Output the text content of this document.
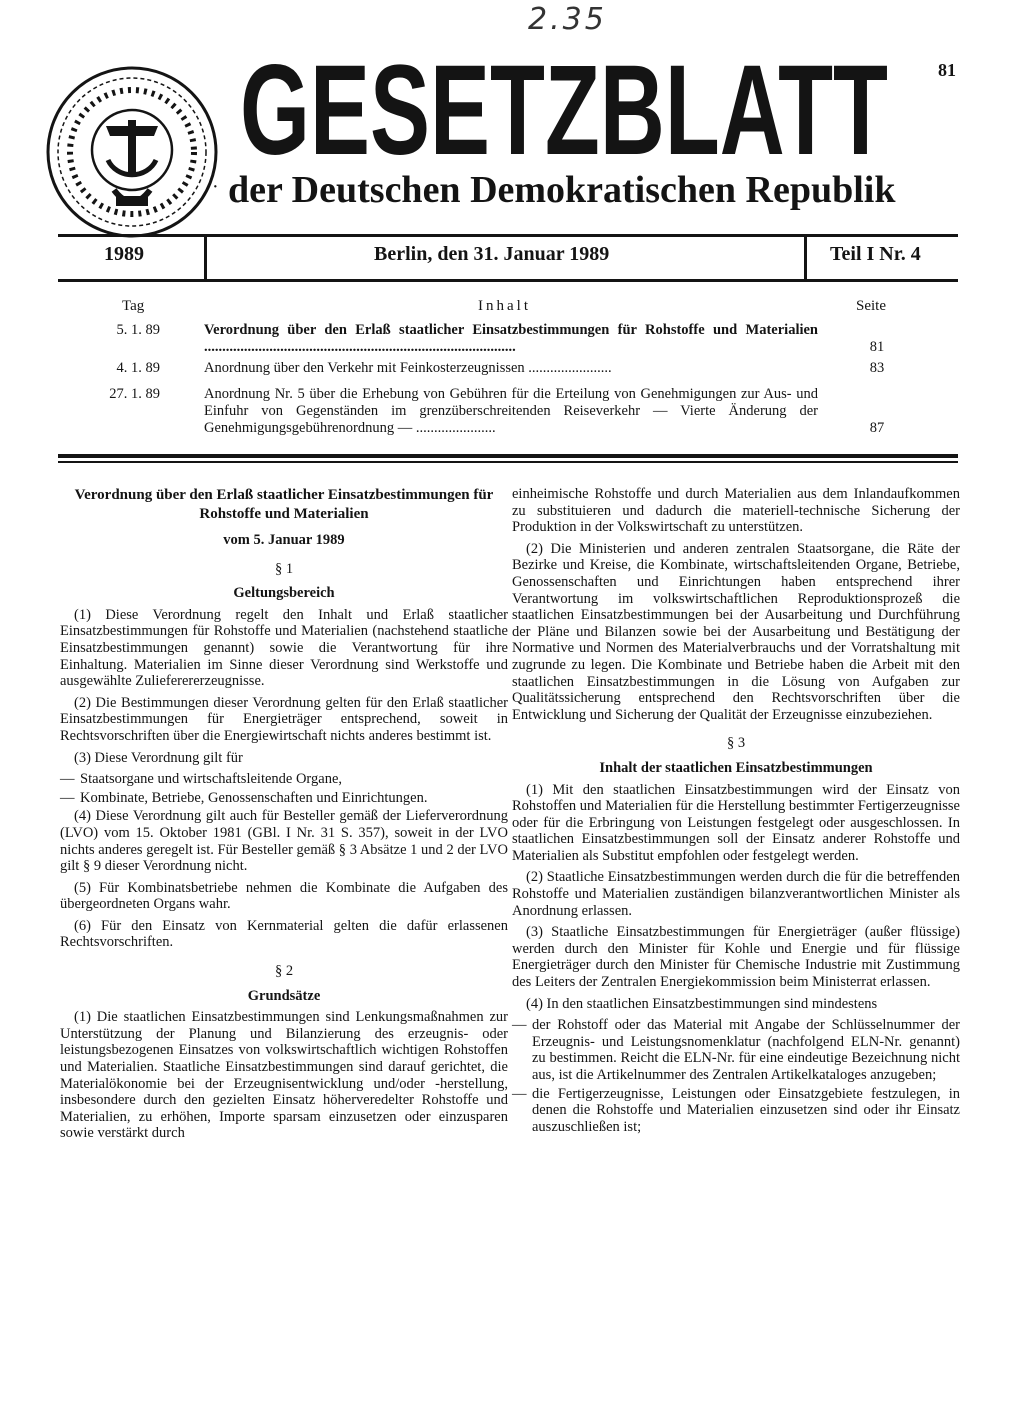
2.35
GESETZBLATT
· der Deutschen Demokratischen Republik
81
1989	Berlin, den 31. Januar 1989	Teil I Nr. 4
Tag	Inhalt	Seite
5. 1. 89	Verordnung über den Erlaß staatlicher Einsatzbestimmungen für Rohstoffe und Materialien ......................................................................................	81
4. 1. 89	Anordnung über den Verkehr mit Feinkosterzeugnissen .......................	83
27. 1. 89	Anordnung Nr. 5 über die Erhebung von Gebühren für die Erteilung von Genehmigungen zur Aus- und Einfuhr von Gegenständen im grenzüberschreitenden Reiseverkehr — Vierte Änderung der Genehmigungsgebührenordnung — ......................	87

Verordnung über den Erlaß staatlicher Einsatzbestimmungen für Rohstoffe und Materialien

vom 5. Januar 1989

§ 1

Geltungsbereich

(1) Diese Verordnung regelt den Inhalt und Erlaß staatlicher Einsatzbestimmungen für Rohstoffe und Materialien (nachstehend staatliche Einsatzbestimmungen genannt) sowie die Verantwortung für ihre Einhaltung. Materialien im Sinne dieser Verordnung sind Werkstoffe und ausgewählte Zulieferererzeugnisse.

(2) Die Bestimmungen dieser Verordnung gelten für den Erlaß staatlicher Einsatzbestimmungen für Energieträger entsprechend, soweit in Rechtsvorschriften über die Energiewirtschaft nichts anderes bestimmt ist.

(3) Diese Verordnung gilt für

— Staatsorgane und wirtschaftsleitende Organe,

— Kombinate, Betriebe, Genossenschaften und Einrichtungen.

(4) Diese Verordnung gilt auch für Besteller gemäß der Lieferverordnung (LVO) vom 15. Oktober 1981 (GBl. I Nr. 31 S. 357), soweit in der LVO nichts anderes geregelt ist. Für Besteller gemäß § 3 Absätze 1 und 2 der LVO gilt § 9 dieser Verordnung nicht.

(5) Für Kombinatsbetriebe nehmen die Kombinate die Aufgaben des übergeordneten Organs wahr.

(6) Für den Einsatz von Kernmaterial gelten die dafür erlassenen Rechtsvorschriften.

§ 2

Grundsätze

(1) Die staatlichen Einsatzbestimmungen sind Lenkungsmaßnahmen zur Unterstützung der Planung und Bilanzierung des erzeugnis- oder leistungsbezogenen Einsatzes von volkswirtschaftlich wichtigen Rohstoffen und Materialien. Staatliche Einsatzbestimmungen sind darauf gerichtet, die Materialökonomie bei der Erzeugnisentwicklung und/oder -herstellung, insbesondere durch den gezielten Einsatz höherveredelter Rohstoffe und Materialien, zu erhöhen, Importe sparsam einzusetzen oder einzusparen sowie verstärkt durch

einheimische Rohstoffe und durch Materialien aus dem Inlandaufkommen zu substituieren und dadurch die materiell-technische Sicherung der Produktion in der Volkswirtschaft zu unterstützen.

(2) Die Ministerien und anderen zentralen Staatsorgane, die Räte der Bezirke und Kreise, die Kombinate, wirtschaftsleitenden Organe, Betriebe, Genossenschaften und Einrichtungen haben entsprechend ihrer Verantwortung im volkswirtschaftlichen Reproduktionsprozeß die staatlichen Einsatzbestimmungen bei der Ausarbeitung und Durchführung der Pläne und Bilanzen sowie bei der Ausarbeitung und Bestätigung der Normative und Normen des Materialverbrauchs und der Vorratshaltung mit zugrunde zu legen. Die Kombinate und Betriebe haben die Arbeit mit den staatlichen Einsatzbestimmungen in die Lösung von Aufgaben zur Qualitätssicherung entsprechend den Rechtsvorschriften über die Entwicklung und Sicherung der Qualität der Erzeugnisse einzubeziehen.

§ 3

Inhalt der staatlichen Einsatzbestimmungen

(1) Mit den staatlichen Einsatzbestimmungen wird der Einsatz von Rohstoffen und Materialien für die Herstellung bestimmter Fertigerzeugnisse oder für die Erbringung von Leistungen festgelegt oder ausgeschlossen. In staatlichen Einsatzbestimmungen soll der Einsatz anderer Rohstoffe und Materialien als Substitut empfohlen oder festgelegt werden.

(2) Staatliche Einsatzbestimmungen werden durch die für die betreffenden Rohstoffe und Materialien zuständigen bilanzverantwortlichen Minister als Anordnung erlassen.

(3) Staatliche Einsatzbestimmungen für Energieträger (außer flüssige) werden durch den Minister für Kohle und Energie und für flüssige Energieträger durch den Minister für Chemische Industrie mit Zustimmung des Leiters der Zentralen Energiekommission beim Ministerrat erlassen.

(4) In den staatlichen Einsatzbestimmungen sind mindestens

— der Rohstoff oder das Material mit Angabe der Schlüsselnummer der Erzeugnis- und Leistungsnomenklatur (nachfolgend ELN-Nr. genannt) zu bestimmen. Reicht die ELN-Nr. für eine eindeutige Bezeichnung nicht aus, ist die Artikelnummer des Zentralen Artikelkataloges anzugeben;

— die Fertigerzeugnisse, Leistungen oder Einsatzgebiete festzulegen, in denen die Rohstoffe und Materialien einzusetzen sind oder ihr Einsatz auszuschließen ist;
